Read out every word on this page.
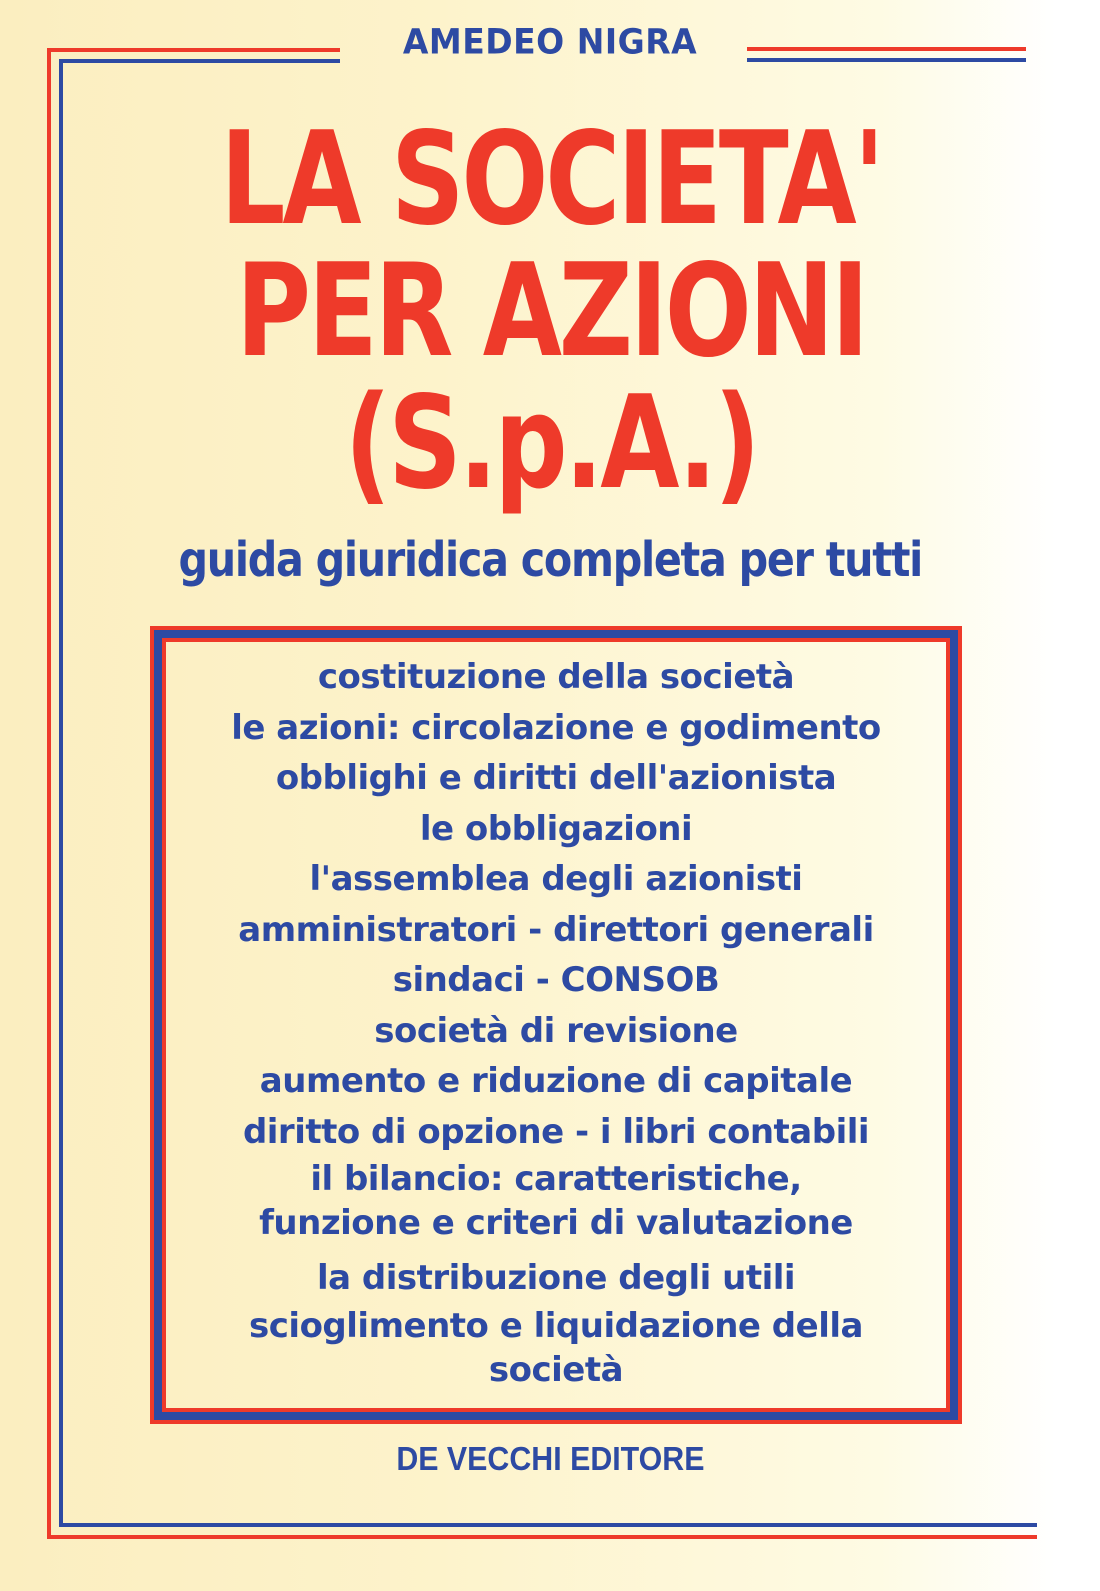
AMEDEO NIGRA
LA SOCIETA'
PER AZIONI
(S.p.A.)
guida giuridica completa per tutti
costituzione della società
le azioni: circolazione e godimento
obblighi e diritti dell'azionista
le obbligazioni
l'assemblea degli azionisti
amministratori - direttori generali
sindaci - CONSOB
società di revisione
aumento e riduzione di capitale
diritto di opzione - i libri contabili
il bilancio: caratteristiche,
funzione e criteri di valutazione
la distribuzione degli utili
scioglimento e liquidazione della
società
DE VECCHI EDITORE
